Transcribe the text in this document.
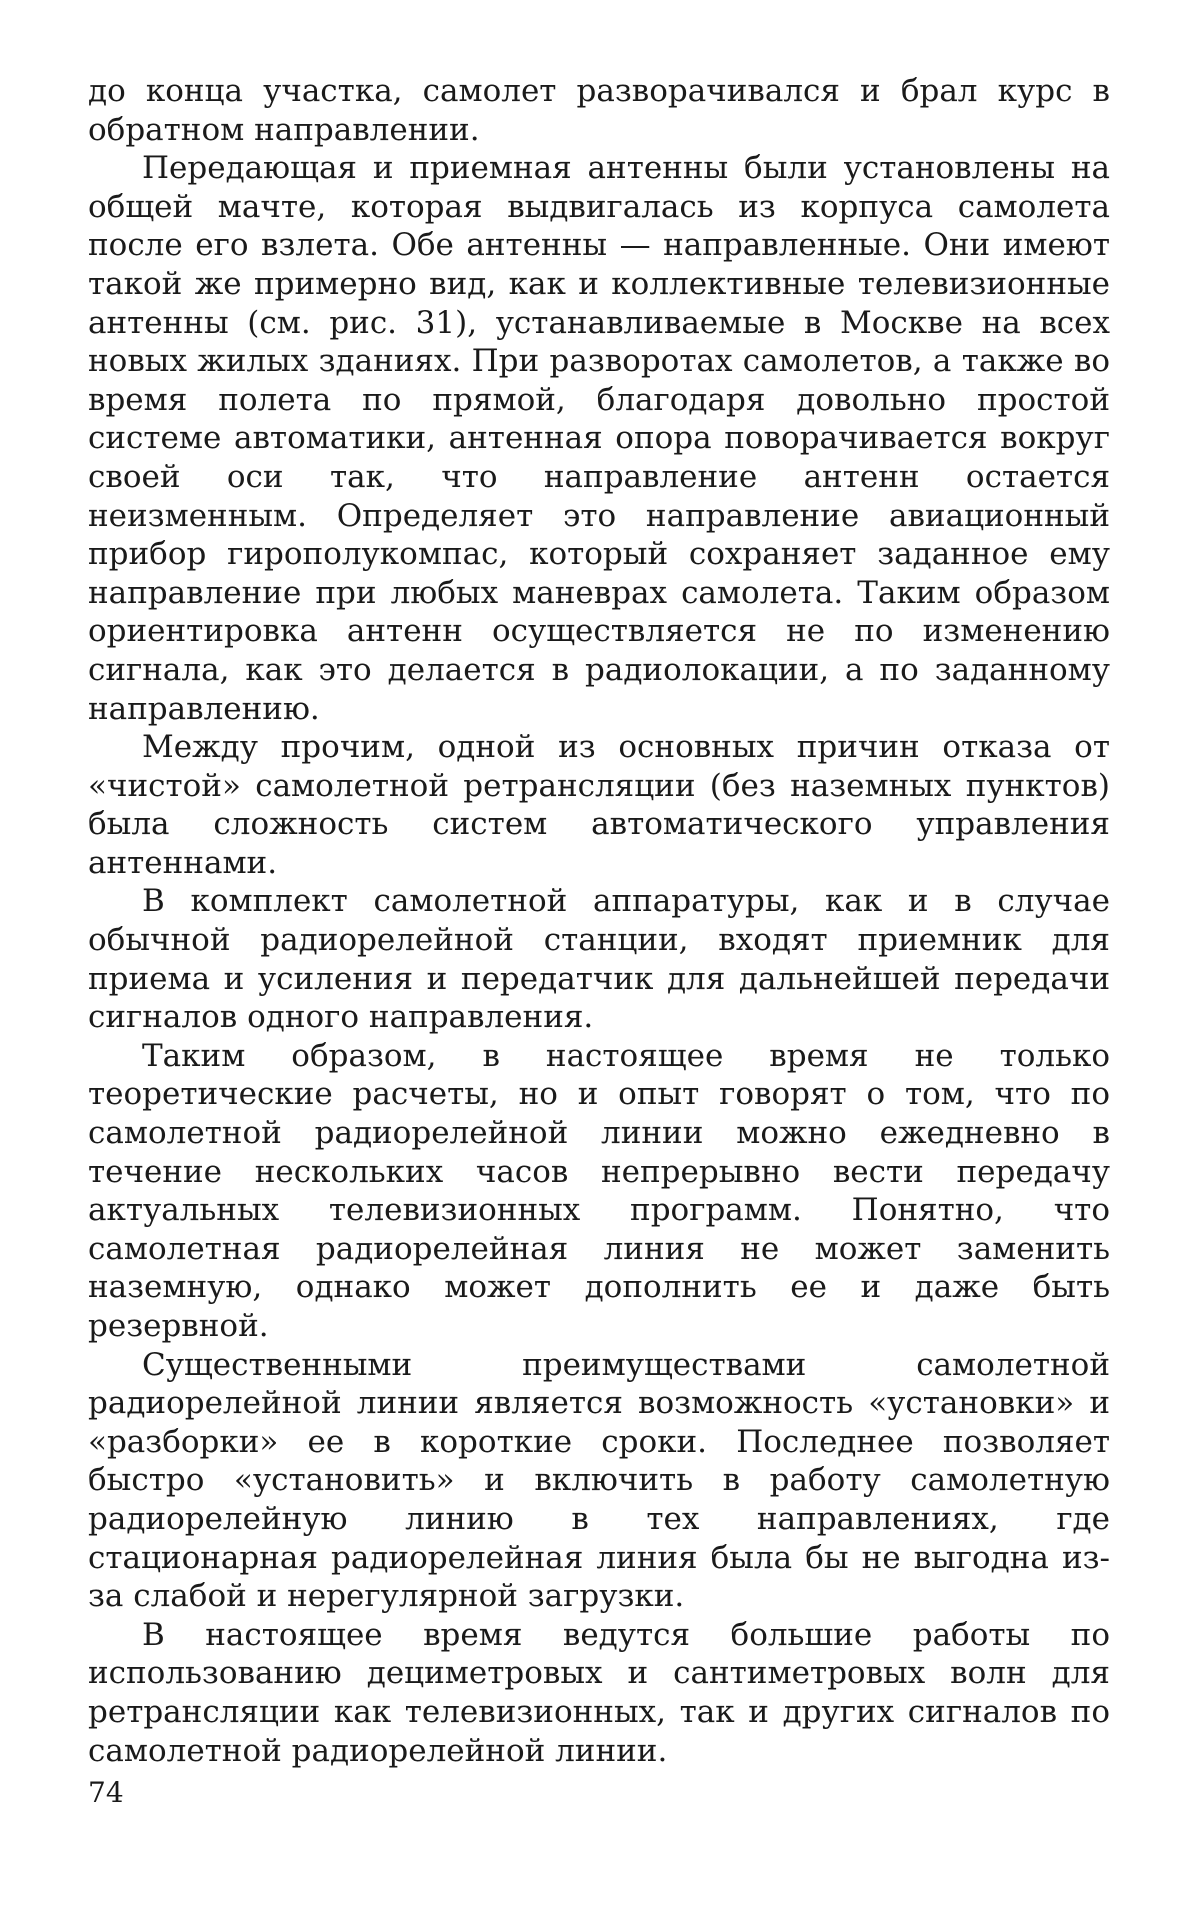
до конца участка, самолет разворачивался и брал курс в обратном направлении.

Передающая и приемная антенны были установлены на общей мачте, которая выдвигалась из корпуса самолета после его взлета. Обе антенны — направленные. Они имеют такой же примерно вид, как и коллективные телевизионные антенны (см. рис. 31), устанавливаемые в Москве на всех новых жилых зданиях. При разворотах самолетов, а также во время полета по прямой, благодаря довольно простой системе автоматики, антенная опора поворачивается вокруг своей оси так, что направление антенн остается неизменным. Определяет это направление авиационный прибор гирополукомпас, который сохраняет заданное ему направление при любых маневрах самолета. Таким образом ориентировка антенн осуществляется не по изменению сигнала, как это делается в радиолокации, а по заданному направлению.

Между прочим, одной из основных причин отказа от «чистой» самолетной ретрансляции (без наземных пунктов) была сложность систем автоматического управления антеннами.

В комплект самолетной аппаратуры, как и в случае обычной радиорелейной станции, входят приемник для приема и усиления и передатчик для дальнейшей передачи сигналов одного направления.

Таким образом, в настоящее время не только теоретические расчеты, но и опыт говорят о том, что по самолетной радиорелейной линии можно ежедневно в течение нескольких часов непрерывно вести передачу актуальных телевизионных программ. Понятно, что самолетная радиорелейная линия не может заменить наземную, однако может дополнить ее и даже быть резервной.

Существенными преимуществами самолетной радиорелейной линии является возможность «установки» и «разборки» ее в короткие сроки. Последнее позволяет быстро «установить» и включить в работу самолетную радиорелейную линию в тех направлениях, где стационарная радиорелейная линия была бы не выгодна из-за слабой и нерегулярной загрузки.

В настоящее время ведутся большие работы по использованию дециметровых и сантиметровых волн для ретрансляции как телевизионных, так и других сигналов по самолетной радиорелейной линии.

74
